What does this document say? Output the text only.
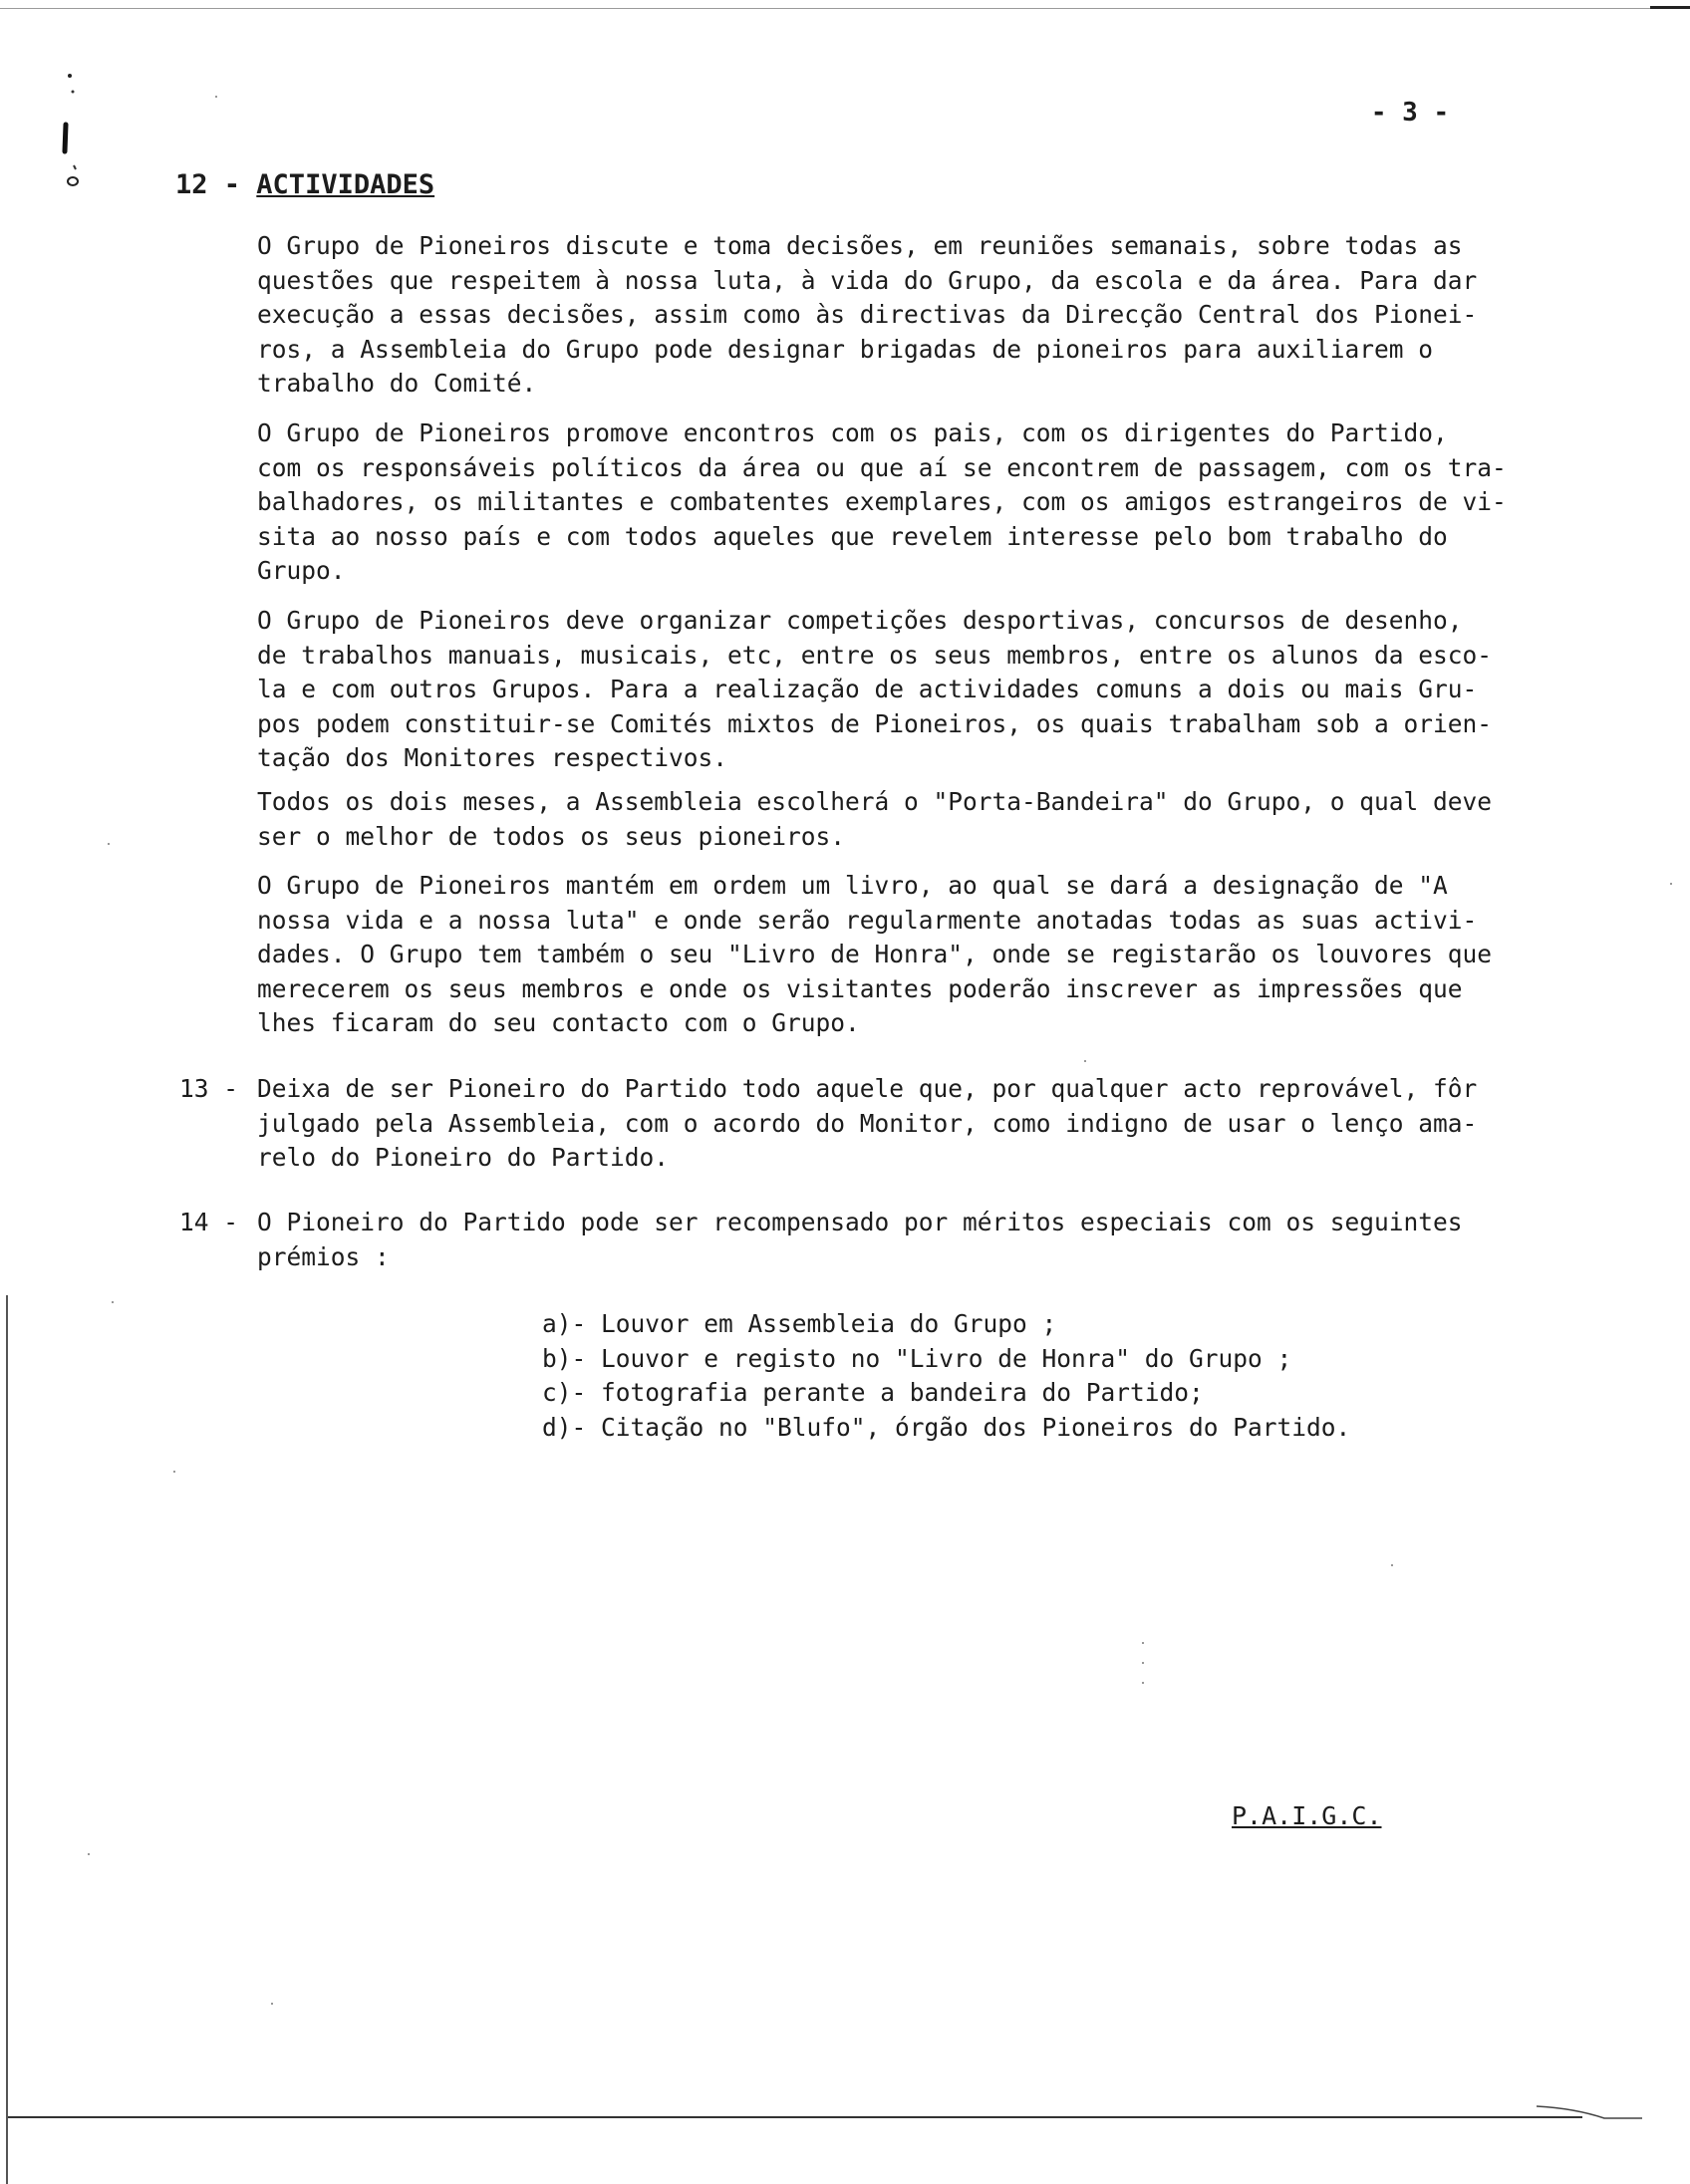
- 3 -
12 - ACTIVIDADES
O Grupo de Pioneiros discute e toma decisões, em reuniões semanais, sobre todas as
questões que respeitem à nossa luta, à vida do Grupo, da escola e da área. Para dar
execução a essas decisões, assim como às directivas da Direcção Central dos Pionei-
ros, a Assembleia do Grupo pode designar brigadas de pioneiros para auxiliarem o
trabalho do Comité.
O Grupo de Pioneiros promove encontros com os pais, com os dirigentes do Partido,
com os responsáveis políticos da área ou que aí se encontrem de passagem, com os tra-
balhadores, os militantes e combatentes exemplares, com os amigos estrangeiros de vi-
sita ao nosso país e com todos aqueles que revelem interesse pelo bom trabalho do
Grupo.
O Grupo de Pioneiros deve organizar competições desportivas, concursos de desenho,
de trabalhos manuais, musicais, etc, entre os seus membros, entre os alunos da esco-
la e com outros Grupos. Para a realização de actividades comuns a dois ou mais Gru-
pos podem constituir-se Comités mixtos de Pioneiros, os quais trabalham sob a orien-
tação dos Monitores respectivos.
Todos os dois meses, a Assembleia escolherá o "Porta-Bandeira" do Grupo, o qual deve
ser o melhor de todos os seus pioneiros.
O Grupo de Pioneiros mantém em ordem um livro, ao qual se dará a designação de "A
nossa vida e a nossa luta" e onde serão regularmente anotadas todas as suas activi-
dades. O Grupo tem também o seu "Livro de Honra", onde se registarão os louvores que
merecerem os seus membros e onde os visitantes poderão inscrever as impressões que
lhes ficaram do seu contacto com o Grupo.
13 - Deixa de ser Pioneiro do Partido todo aquele que, por qualquer acto reprovável, fôr
julgado pela Assembleia, com o acordo do Monitor, como indigno de usar o lenço ama-
relo do Pioneiro do Partido.
14 - O Pioneiro do Partido pode ser recompensado por méritos especiais com os seguintes
prémios :
a)- Louvor em Assembleia do Grupo ;
b)- Louvor e registo no "Livro de Honra" do Grupo ;
c)- fotografia perante a bandeira do Partido;
d)- Citação no "Blufo", órgão dos Pioneiros do Partido.
P.A.I.G.C.
